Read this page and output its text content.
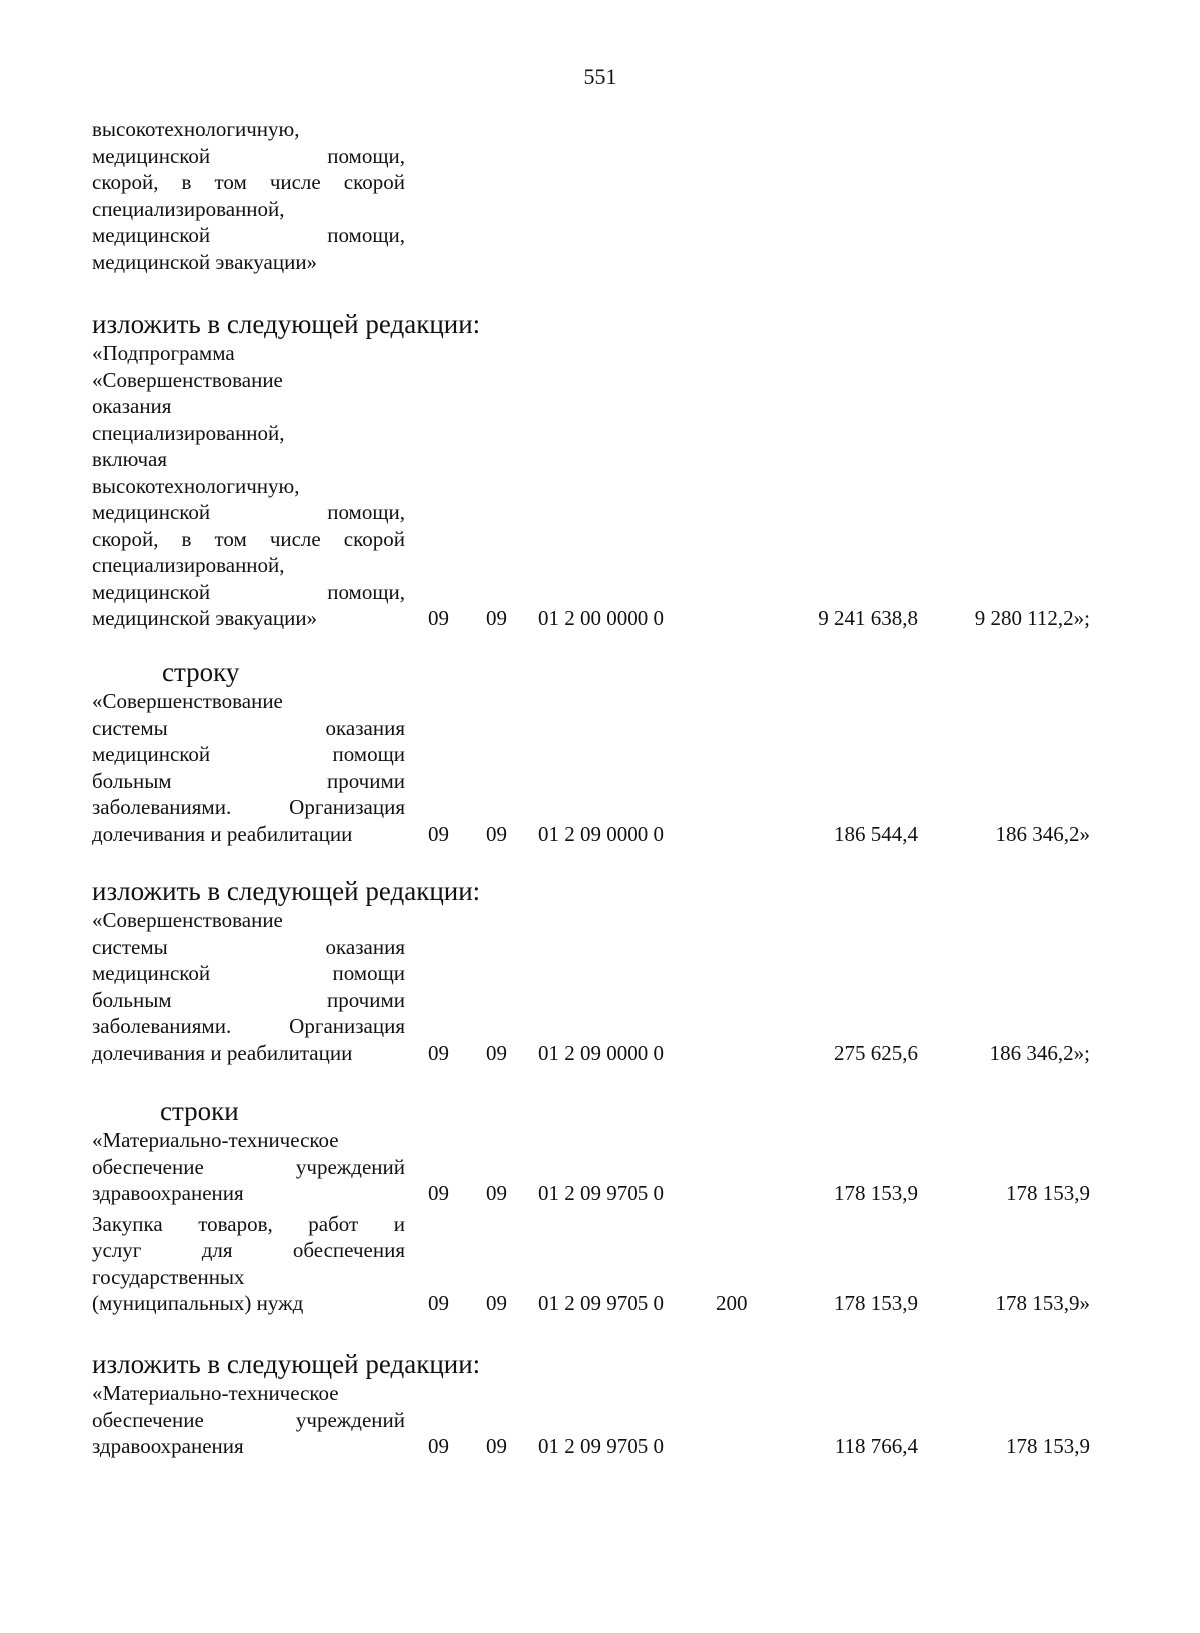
551
высокотехнологичную,
медицинской помощи,
скорой, в том числе скорой
специализированной,
медицинской помощи,
медицинской эвакуации»
изложить в следующей редакции:
«Подпрограмма
«Совершенствование
оказания
специализированной,
включая
высокотехнологичную,
медицинской помощи,
скорой, в том числе скорой
специализированной,
медицинской помощи,
медицинской эвакуации»	09 09 01 2 00 0000 0	9 241 638,8	9 280 112,2»;
строку
«Совершенствование
системы оказания
медицинской помощи
больным прочими
заболеваниями. Организация
долечивания и реабилитации	09 09 01 2 09 0000 0	186 544,4	186 346,2»
изложить в следующей редакции:
«Совершенствование
системы оказания
медицинской помощи
больным прочими
заболеваниями. Организация
долечивания и реабилитации	09 09 01 2 09 0000 0	275 625,6	186 346,2»;
строки
«Материально-техническое
обеспечение учреждений
здравоохранения	09 09 01 2 09 9705 0	178 153,9	178 153,9
Закупка товаров, работ и
услуг для обеспечения
государственных
(муниципальных) нужд	09 09 01 2 09 9705 0 200	178 153,9	178 153,9»
изложить в следующей редакции:
«Материально-техническое
обеспечение учреждений
здравоохранения	09 09 01 2 09 9705 0	118 766,4	178 153,9
